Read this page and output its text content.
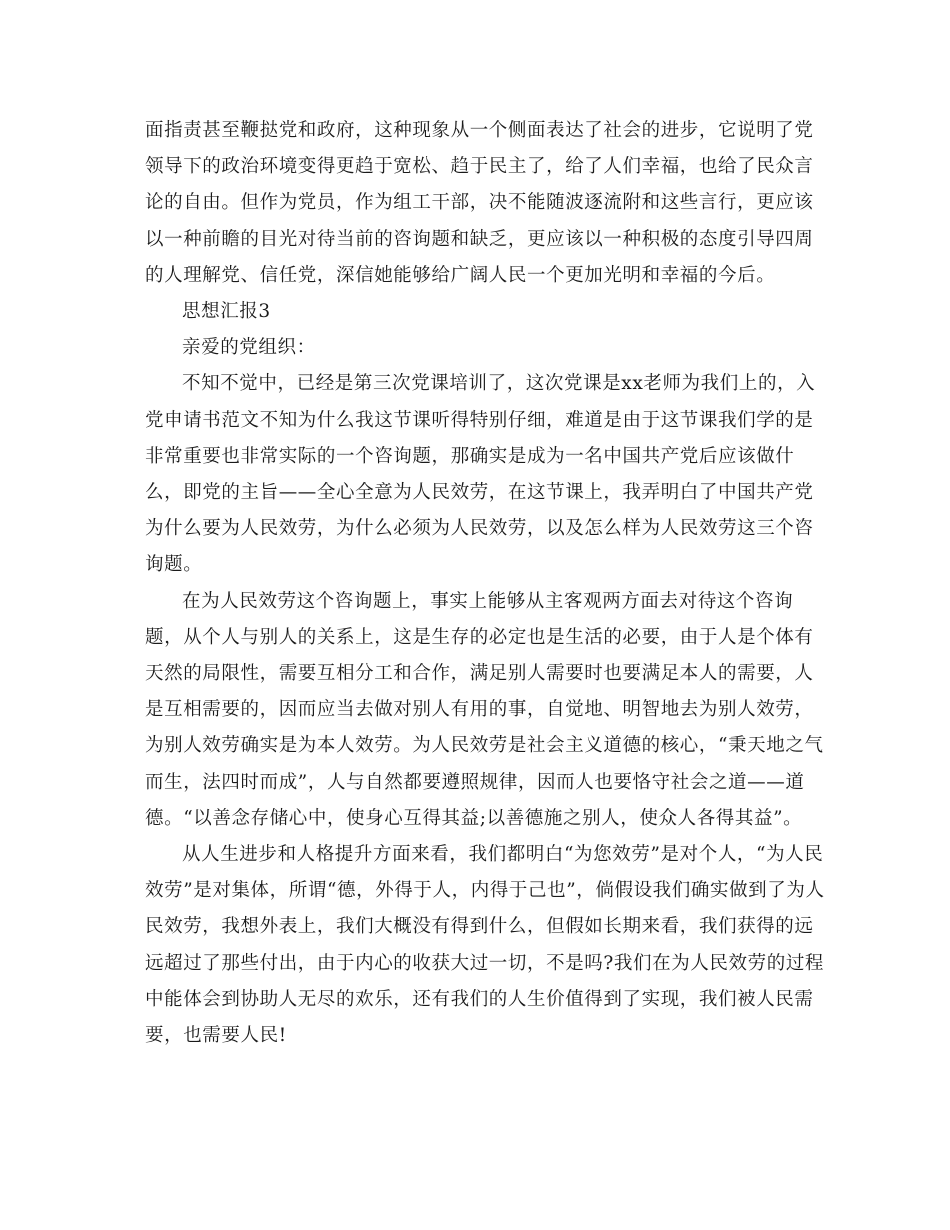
面指责甚至鞭挞党和政府，这种现象从一个侧面表达了社会的进步，它说明了党
领导下的政治环境变得更趋于宽松、趋于民主了，给了人们幸福，也给了民众言
论的自由。但作为党员，作为组工干部，决不能随波逐流附和这些言行，更应该
以一种前瞻的目光对待当前的咨询题和缺乏，更应该以一种积极的态度引导四周
的人理解党、信任党，深信她能够给广阔人民一个更加光明和幸福的今后。

思想汇报3

亲爱的党组织：

不知不觉中，已经是第三次党课培训了，这次党课是xx老师为我们上的，入
党申请书范文不知为什么我这节课听得特别仔细，难道是由于这节课我们学的是
非常重要也非常实际的一个咨询题，那确实是成为一名中国共产党后应该做什
么，即党的主旨——全心全意为人民效劳，在这节课上，我弄明白了中国共产党
为什么要为人民效劳，为什么必须为人民效劳，以及怎么样为人民效劳这三个咨
询题。

在为人民效劳这个咨询题上，事实上能够从主客观两方面去对待这个咨询
题，从个人与别人的关系上，这是生存的必定也是生活的必要，由于人是个体有
天然的局限性，需要互相分工和合作，满足别人需要时也要满足本人的需要，人
是互相需要的，因而应当去做对别人有用的事，自觉地、明智地去为别人效劳，
为别人效劳确实是为本人效劳。为人民效劳是社会主义道德的核心，“秉天地之气
而生，法四时而成”，人与自然都要遵照规律，因而人也要恪守社会之道——道
德。“以善念存储心中，使身心互得其益;以善德施之别人，使众人各得其益”。

从人生进步和人格提升方面来看，我们都明白“为您效劳”是对个人，“为人民
效劳”是对集体，所谓“德，外得于人，内得于己也”，倘假设我们确实做到了为人
民效劳，我想外表上，我们大概没有得到什么，但假如长期来看，我们获得的远
远超过了那些付出，由于内心的收获大过一切，不是吗?我们在为人民效劳的过程
中能体会到协助人无尽的欢乐，还有我们的人生价值得到了实现，我们被人民需
要，也需要人民!
